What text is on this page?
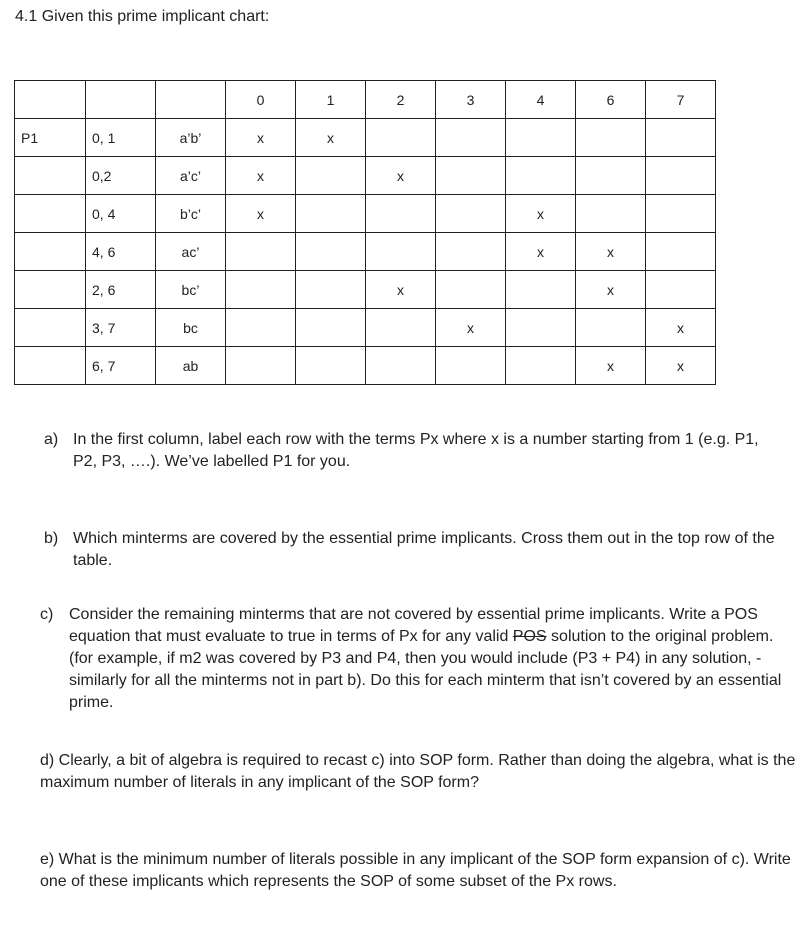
4.1 Given this prime implicant chart:
			0	1	2	3	4	6	7
P1	0, 1	a’b’	x	x					
	0,2	a’c’	x		x				
	0, 4	b’c’	x				x		
	4, 6	ac’					x	x	
	2, 6	bc’			x			x	
	3, 7	bc				x			x
	6, 7	ab						x	x
a) In the first column, label each row with the terms Px where x is a number starting from 1 (e.g. P1, P2, P3, ….). We’ve labelled P1 for you.
b) Which minterms are covered by the essential prime implicants. Cross them out in the top row of the table.
c) Consider the remaining minterms that are not covered by essential prime implicants. Write a POS equation that must evaluate to true in terms of Px for any valid POS solution to the original problem. (for example, if m2 was covered by P3 and P4, then you would include (P3 + P4) in any solution, - similarly for all the minterms not in part b). Do this for each minterm that isn’t covered by an essential prime.
d) Clearly, a bit of algebra is required to recast c) into SOP form. Rather than doing the algebra, what is the maximum number of literals in any implicant of the SOP form?
e) What is the minimum number of literals possible in any implicant of the SOP form expansion of c). Write one of these implicants which represents the SOP of some subset of the Px rows.
